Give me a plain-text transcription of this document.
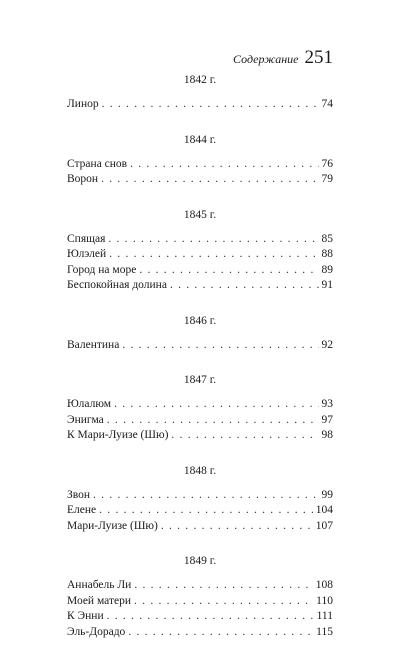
Содержание 251
1842 г.
Линор . . .	74
1844 г.
Страна снов . . .	76
Ворон . . .	79
1845 г.
Спящая . . .	85
Юлэлей . . .	88
Город на море . . .	89
Беспокойная долина . . .	91
1846 г.
Валентина . . .	92
1847 г.
Юлалюм . . .	93
Энигма . . .	97
К Мари-Луизе (Шю) . . .	98
1848 г.
Звон . . .	99
Елене . . .	104
Мари-Луизе (Шю) . . .	107
1849 г.
Аннабель Ли . . .	108
Моей матери . . .	110
К Энни . . .	111
Эль-Дорадо . . .	115
